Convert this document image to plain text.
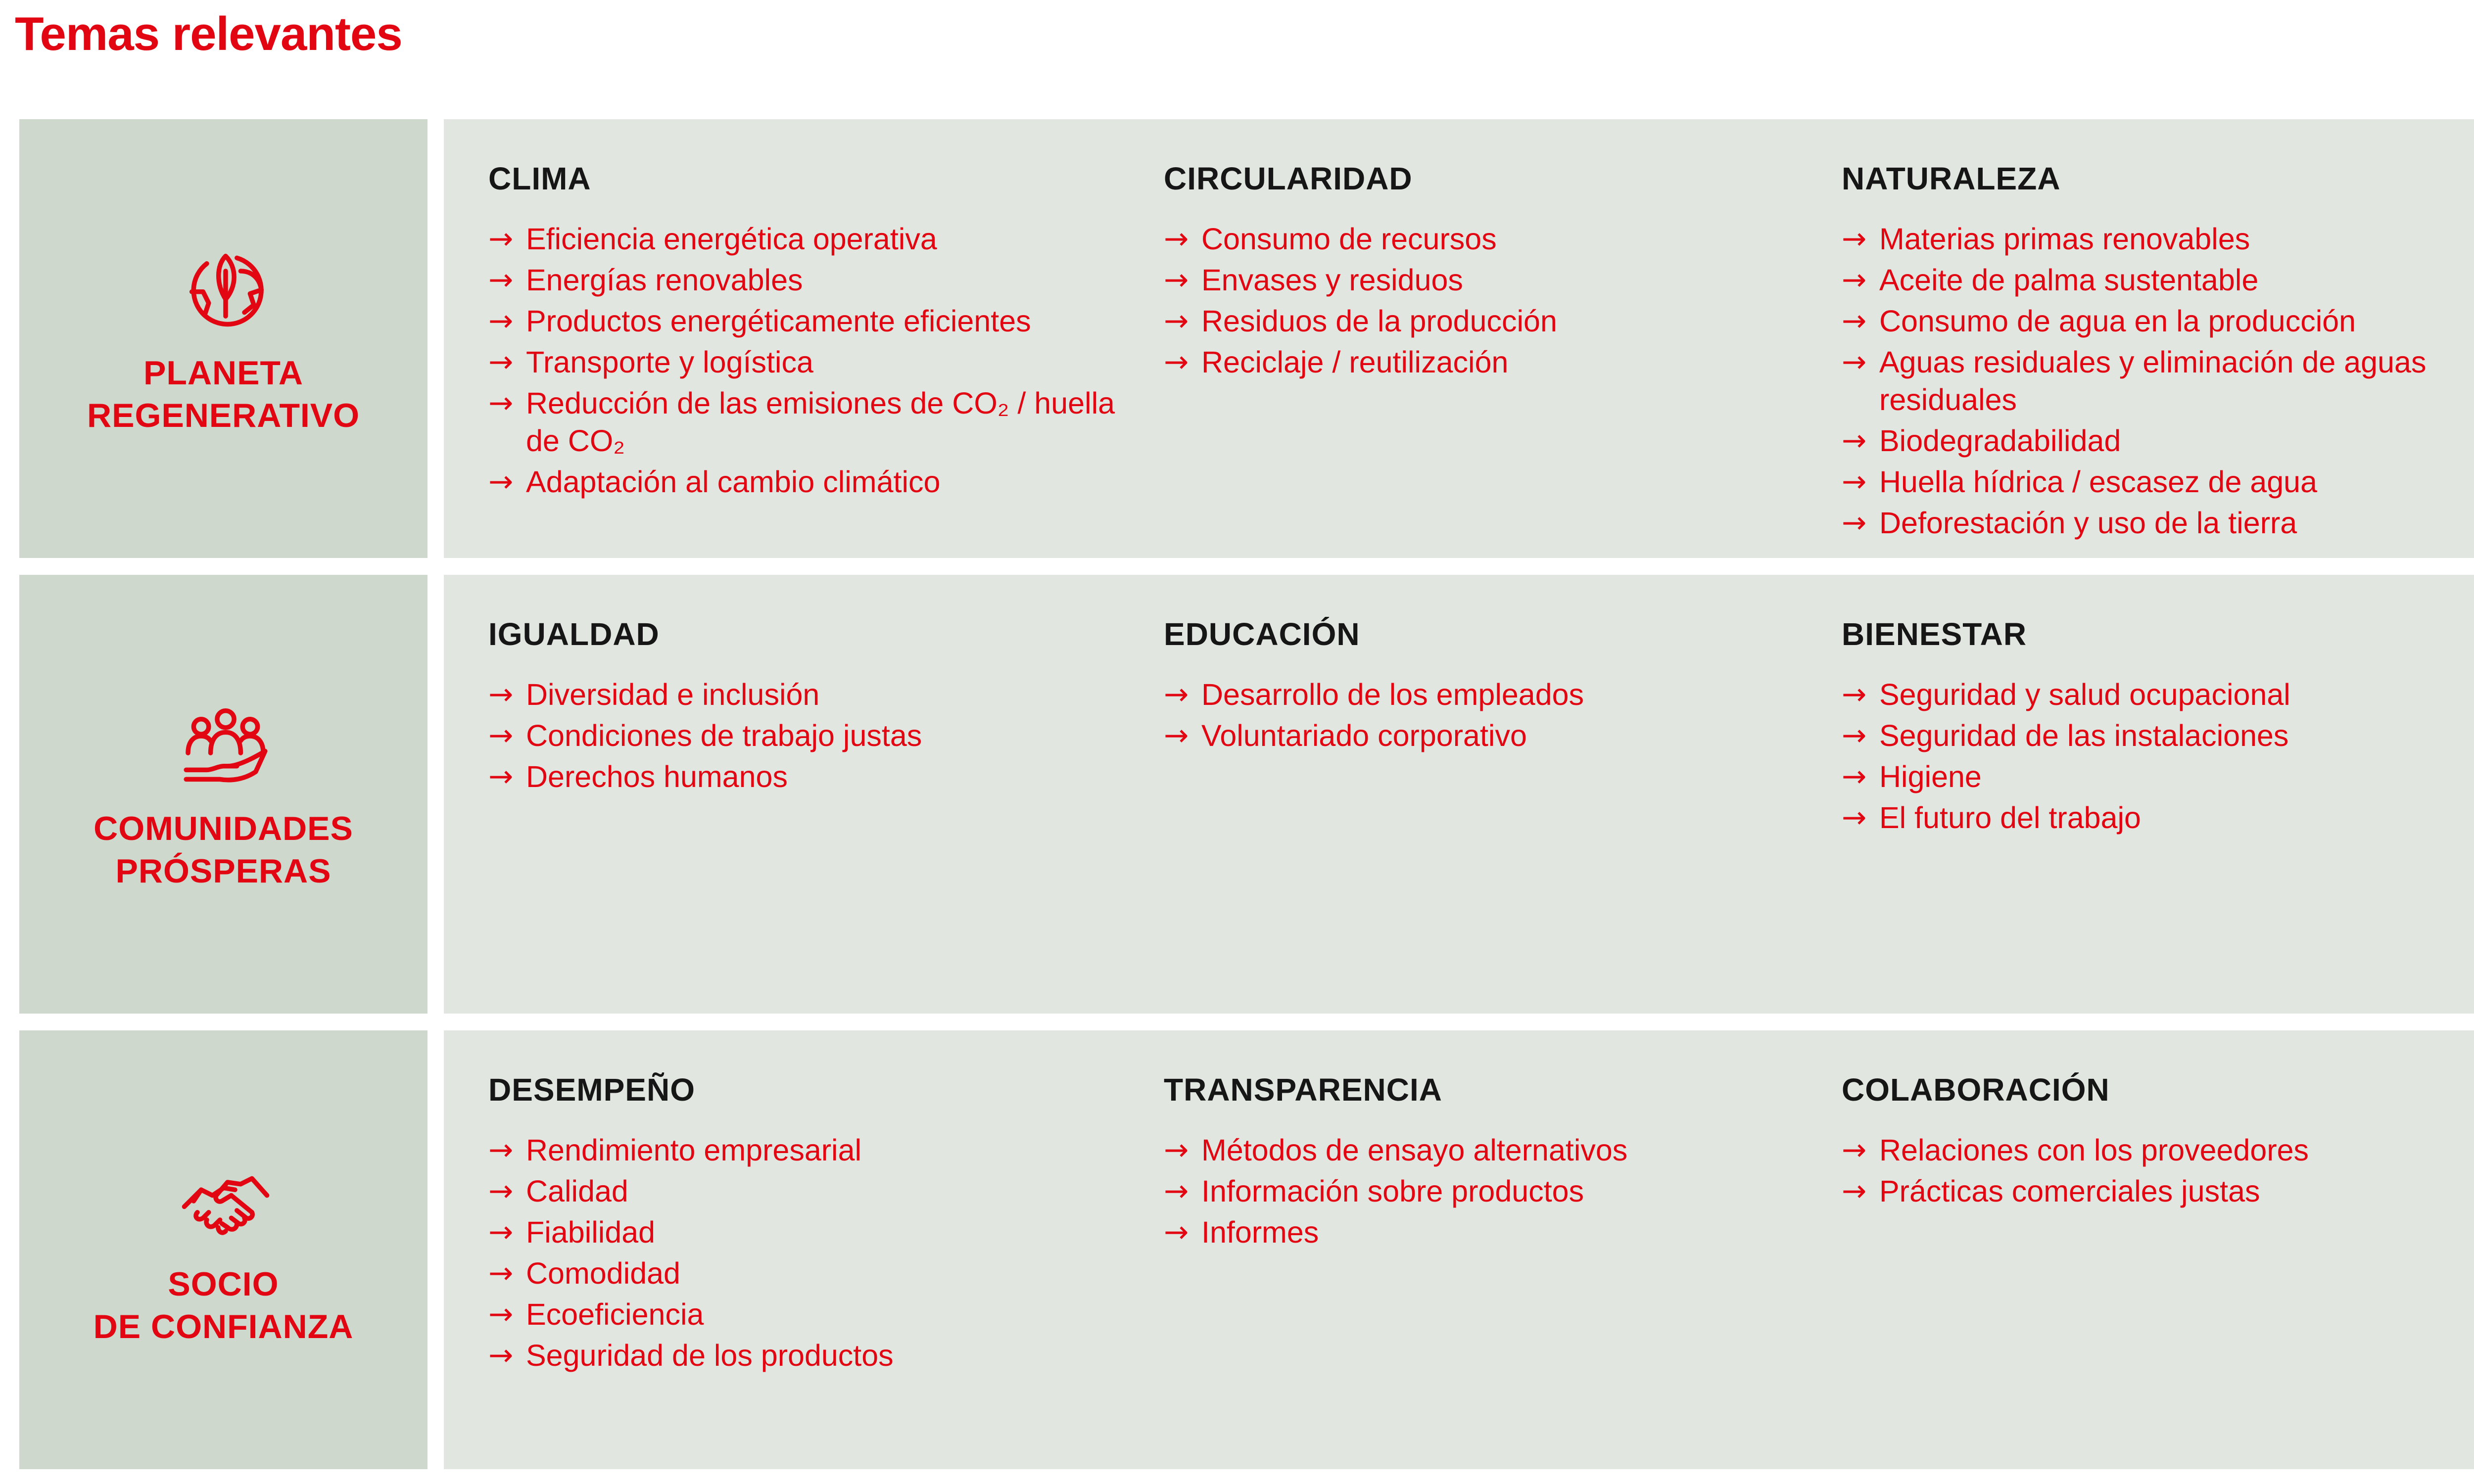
Temas relevantes
PLANETA
REGENERATIVO
CLIMA
→ Eficiencia energética operativa
→ Energías renovables
→ Productos energéticamente eficientes
→ Transporte y logística
→ Reducción de las emisiones de CO₂ / huella de CO₂
→ Adaptación al cambio climático
CIRCULARIDAD
→ Consumo de recursos
→ Envases y residuos
→ Residuos de la producción
→ Reciclaje / reutilización
NATURALEZA
→ Materias primas renovables
→ Aceite de palma sustentable
→ Consumo de agua en la producción
→ Aguas residuales y eliminación de aguas residuales
→ Biodegradabilidad
→ Huella hídrica / escasez de agua
→ Deforestación y uso de la tierra
COMUNIDADES
PRÓSPERAS
IGUALDAD
→ Diversidad e inclusión
→ Condiciones de trabajo justas
→ Derechos humanos
EDUCACIÓN
→ Desarrollo de los empleados
→ Voluntariado corporativo
BIENESTAR
→ Seguridad y salud ocupacional
→ Seguridad de las instalaciones
→ Higiene
→ El futuro del trabajo
SOCIO
DE CONFIANZA
DESEMPEÑO
→ Rendimiento empresarial
→ Calidad
→ Fiabilidad
→ Comodidad
→ Ecoeficiencia
→ Seguridad de los productos
TRANSPARENCIA
→ Métodos de ensayo alternativos
→ Información sobre productos
→ Informes
COLABORACIÓN
→ Relaciones con los proveedores
→ Prácticas comerciales justas
